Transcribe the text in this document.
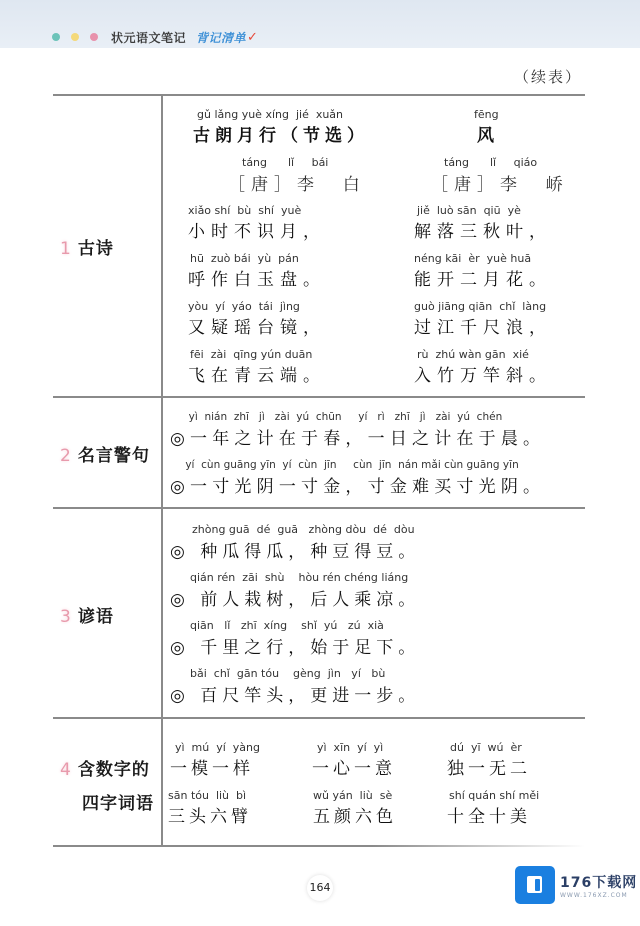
状元语文笔记 背记清单 ✓
（续表）
1 古诗
gǔ lǎng yuè xíng  jié  xuǎn
古朗月行（节选）
táng      lǐ     bái
［唐］李  白
xiǎo shí  bù  shí  yuè
小时不识月，
hū  zuò bái  yù  pán
呼作白玉盘。
yòu  yí  yáo  tái  jìng
又疑瑶台镜，
fēi  zài  qīng yún duān
飞在青云端。
fēng
风
táng      lǐ     qiáo
［唐］李  峤
jiě  luò sān  qiū  yè
解落三秋叶，
néng kāi  èr  yuè huā
能开二月花。
guò jiāng qiān  chǐ  làng
过江千尺浪，
rù  zhú wàn gān  xié
入竹万竿斜。
2 名言警句
yì  nián  zhī   jì   zài  yú  chūn     yí   rì   zhī   jì   zài  yú  chén
◎一年之计在于春，一日之计在于晨。
yí  cùn guāng yīn  yí  cùn  jīn     cùn  jīn  nán mǎi cùn guāng yīn
◎一寸光阴一寸金，寸金难买寸光阴。
3 谚语
zhòng guā  dé  guā   zhòng dòu  dé  dòu
◎ 种瓜得瓜，种豆得豆。
qián rén  zāi  shù    hòu rén chéng liáng
◎ 前人栽树，后人乘凉。
qiān   lǐ   zhī  xíng    shǐ  yú   zú  xià
◎ 千里之行，始于足下。
bǎi  chǐ  gān tóu    gèng  jìn   yí   bù
◎ 百尺竿头，更进一步。
4 含数字的
四字词语
yì  mú  yí  yàng
一模一样
yì  xīn  yí  yì
一心一意
dú  yī  wú  èr
独一无二
sān tóu  liù  bì
三头六臂
wǔ yán  liù  sè
五颜六色
shí quán shí měi
十全十美
164	176下载网
WWW.176XZ.COM
